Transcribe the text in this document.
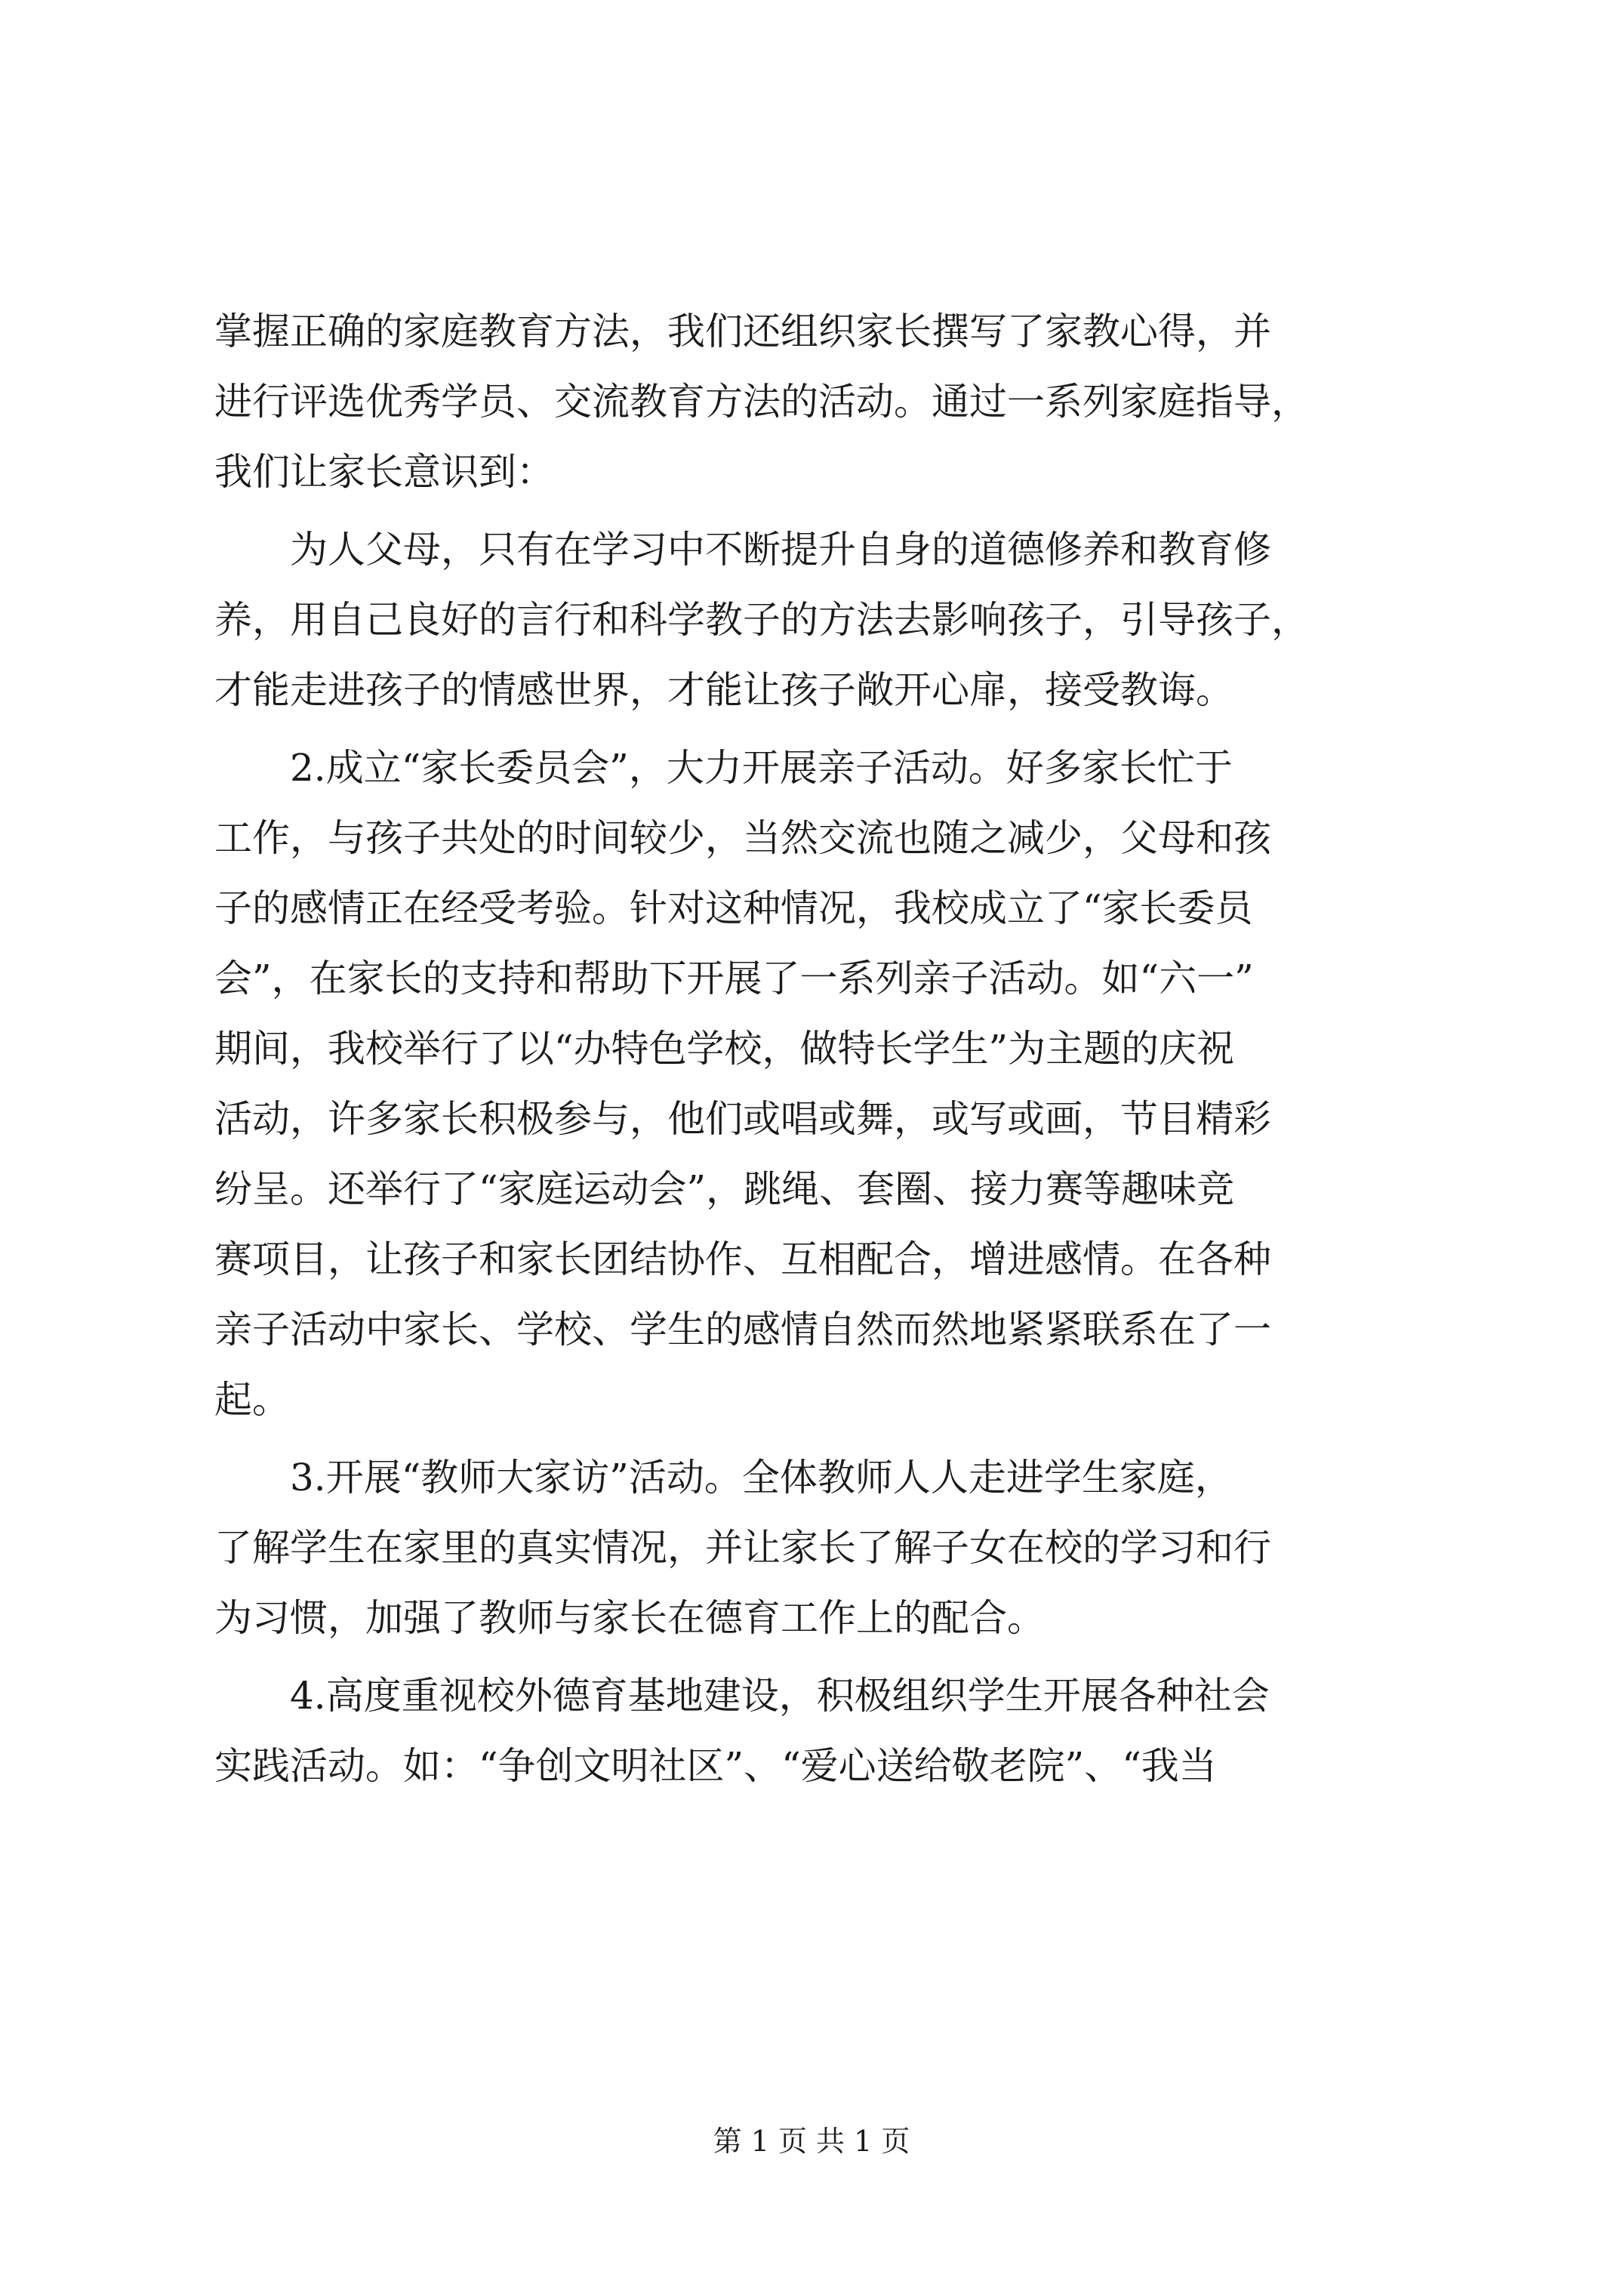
掌握正确的家庭教育方法，我们还组织家长撰写了家教心得，并
进行评选优秀学员、交流教育方法的活动。通过一系列家庭指导，
我们让家长意识到：
为人父母，只有在学习中不断提升自身的道德修养和教育修
养，用自己良好的言行和科学教子的方法去影响孩子，引导孩子，
才能走进孩子的情感世界，才能让孩子敞开心扉，接受教诲。
2.成立“家长委员会”，大力开展亲子活动。好多家长忙于
工作，与孩子共处的时间较少，当然交流也随之减少，父母和孩
子的感情正在经受考验。针对这种情况，我校成立了“家长委员
会”，在家长的支持和帮助下开展了一系列亲子活动。如“六一”
期间，我校举行了以“办特色学校，做特长学生”为主题的庆祝
活动，许多家长积极参与，他们或唱或舞，或写或画，节目精彩
纷呈。还举行了“家庭运动会”，跳绳、套圈、接力赛等趣味竞
赛项目，让孩子和家长团结协作、互相配合，增进感情。在各种
亲子活动中家长、学校、学生的感情自然而然地紧紧联系在了一
起。
3.开展“教师大家访”活动。全体教师人人走进学生家庭，
了解学生在家里的真实情况，并让家长了解子女在校的学习和行
为习惯，加强了教师与家长在德育工作上的配合。
4.高度重视校外德育基地建设，积极组织学生开展各种社会
实践活动。如：“争创文明社区”、“爱心送给敬老院”、“我当
第 1 页 共 1 页
